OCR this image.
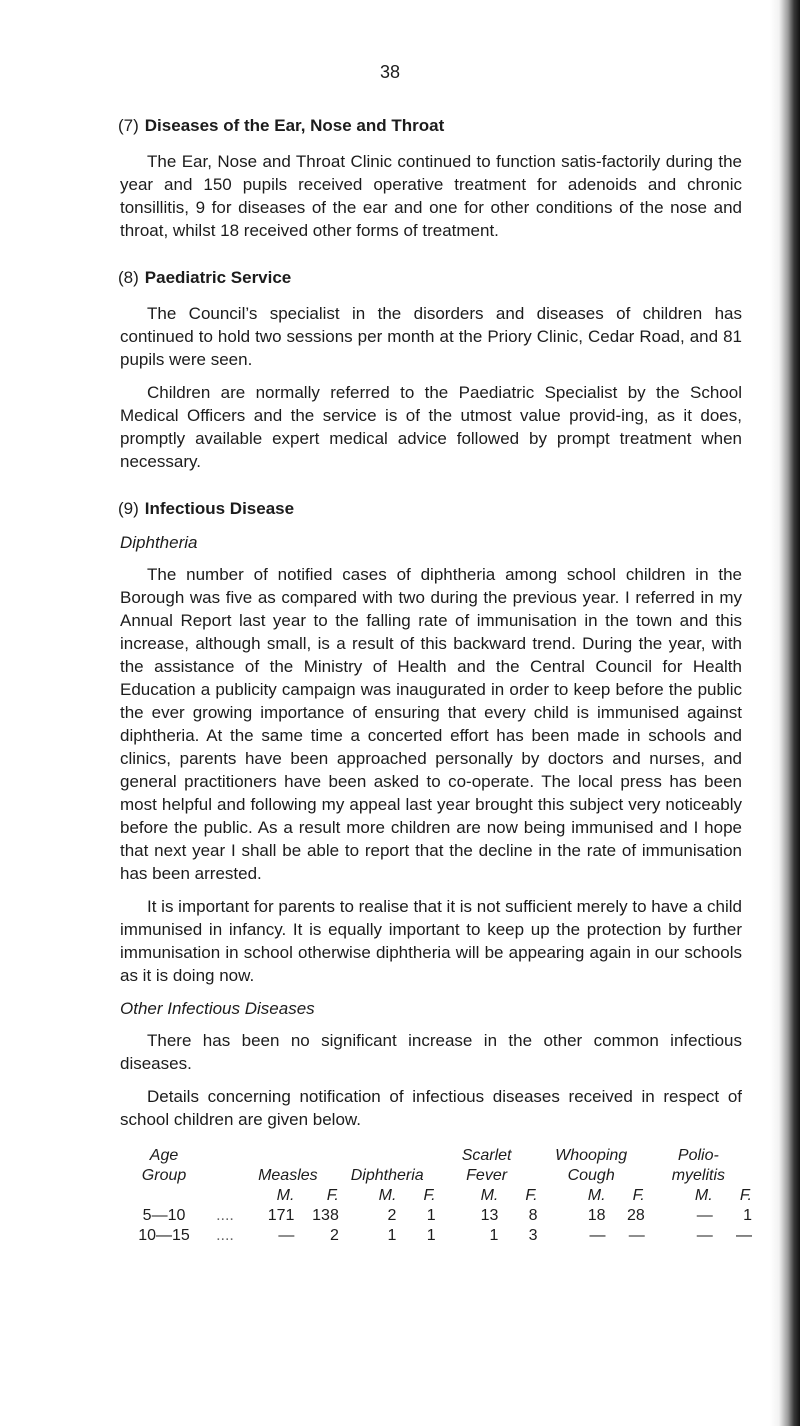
38
(7) Diseases of the Ear, Nose and Throat

The Ear, Nose and Throat Clinic continued to function satis-factorily during the year and 150 pupils received operative treatment for adenoids and chronic tonsillitis, 9 for diseases of the ear and one for other conditions of the nose and throat, whilst 18 received other forms of treatment.

(8) Paediatric Service

The Council’s specialist in the disorders and diseases of children has continued to hold two sessions per month at the Priory Clinic, Cedar Road, and 81 pupils were seen.

Children are normally referred to the Paediatric Specialist by the School Medical Officers and the service is of the utmost value provid-ing, as it does, promptly available expert medical advice followed by prompt treatment when necessary.

(9) Infectious Disease
Diphtheria

The number of notified cases of diphtheria among school children in the Borough was five as compared with two during the previous year. I referred in my Annual Report last year to the falling rate of immunisation in the town and this increase, although small, is a result of this backward trend. During the year, with the assistance of the Ministry of Health and the Central Council for Health Education a publicity campaign was inaugurated in order to keep before the public the ever growing importance of ensuring that every child is immunised against diphtheria. At the same time a concerted effort has been made in schools and clinics, parents have been approached personally by doctors and nurses, and general practitioners have been asked to co-operate. The local press has been most helpful and following my appeal last year brought this subject very noticeably before the public. As a result more children are now being immunised and I hope that next year I shall be able to report that the decline in the rate of immunisation has been arrested.

It is important for parents to realise that it is not sufficient merely to have a child immunised in infancy. It is equally important to keep up the protection by further immunisation in school otherwise diphtheria will be appearing again in our schools as it is doing now.

Other Infectious Diseases

There has been no significant increase in the other common infectious diseases.

Details concerning notification of infectious diseases received in respect of school children are given below.

Age						Scarlet		Whooping		Polio-	
Group		Measles		Diphtheria		Fever		Cough		myelitis	
		M.	F.	M.	F.	M.	F.	M.	F.	M.	F.
5—10	....	171	138	2	1	13	8	18	28	—	1
10—15	....	—	2	1	1	1	3	—	—	—	—
